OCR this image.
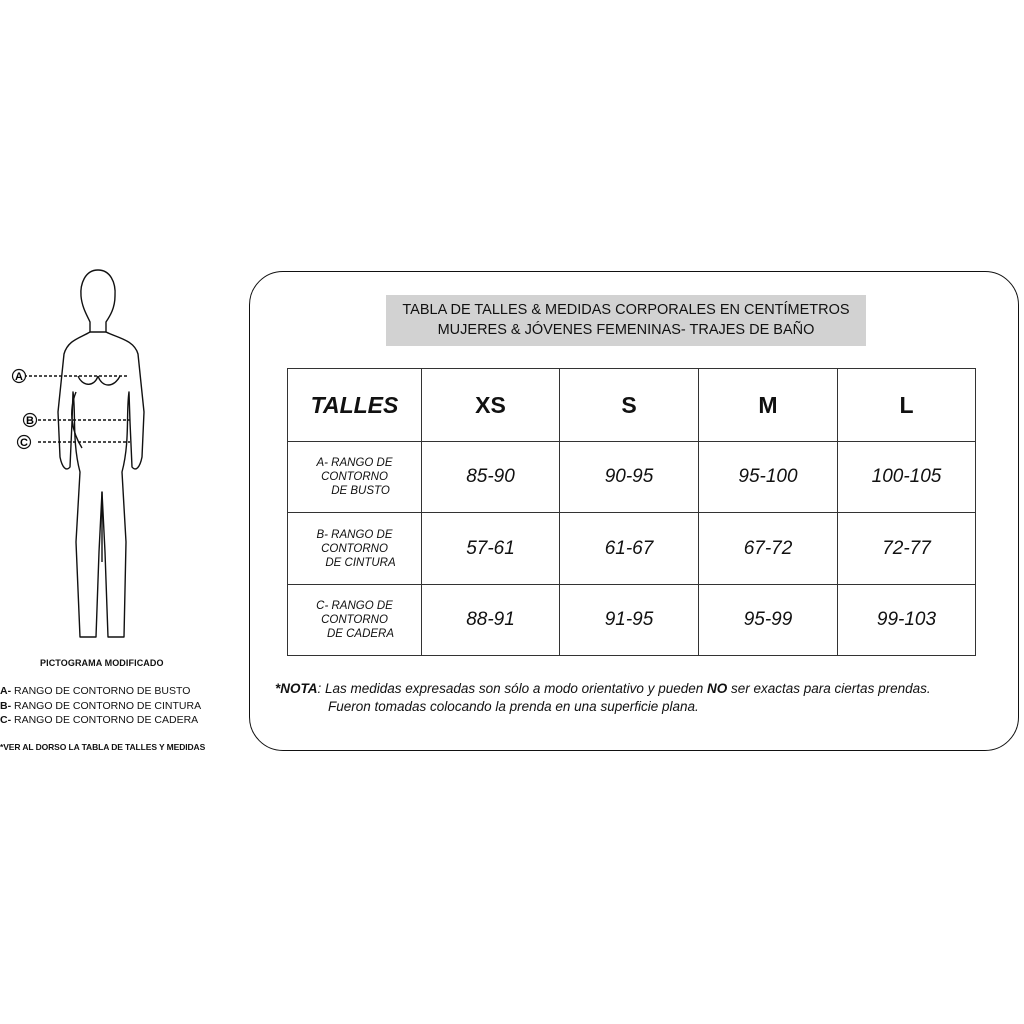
A
B
C
PICTOGRAMA MODIFICADO
A- RANGO DE CONTORNO DE BUSTO
B- RANGO DE CONTORNO DE CINTURA
C- RANGO DE CONTORNO DE CADERA
*VER AL DORSO LA TABLA DE TALLES Y MEDIDAS
TABLA DE TALLES & MEDIDAS CORPORALES EN CENTÍMETROS
MUJERES & JÓVENES FEMENINAS- TRAJES DE BAÑO
TALLES	XS	S	M	L
A- RANGO DE CONTORNO
DE BUSTO	85-90	90-95	95-100	100-105
B- RANGO DE CONTORNO
DE CINTURA	57-61	61-67	67-72	72-77
C- RANGO DE CONTORNO
DE CADERA	88-91	91-95	95-99	99-103
*NOTA: Las medidas expresadas son sólo a modo orientativo y pueden NO ser exactas para ciertas prendas.
Fueron tomadas colocando la prenda en una superficie plana.
